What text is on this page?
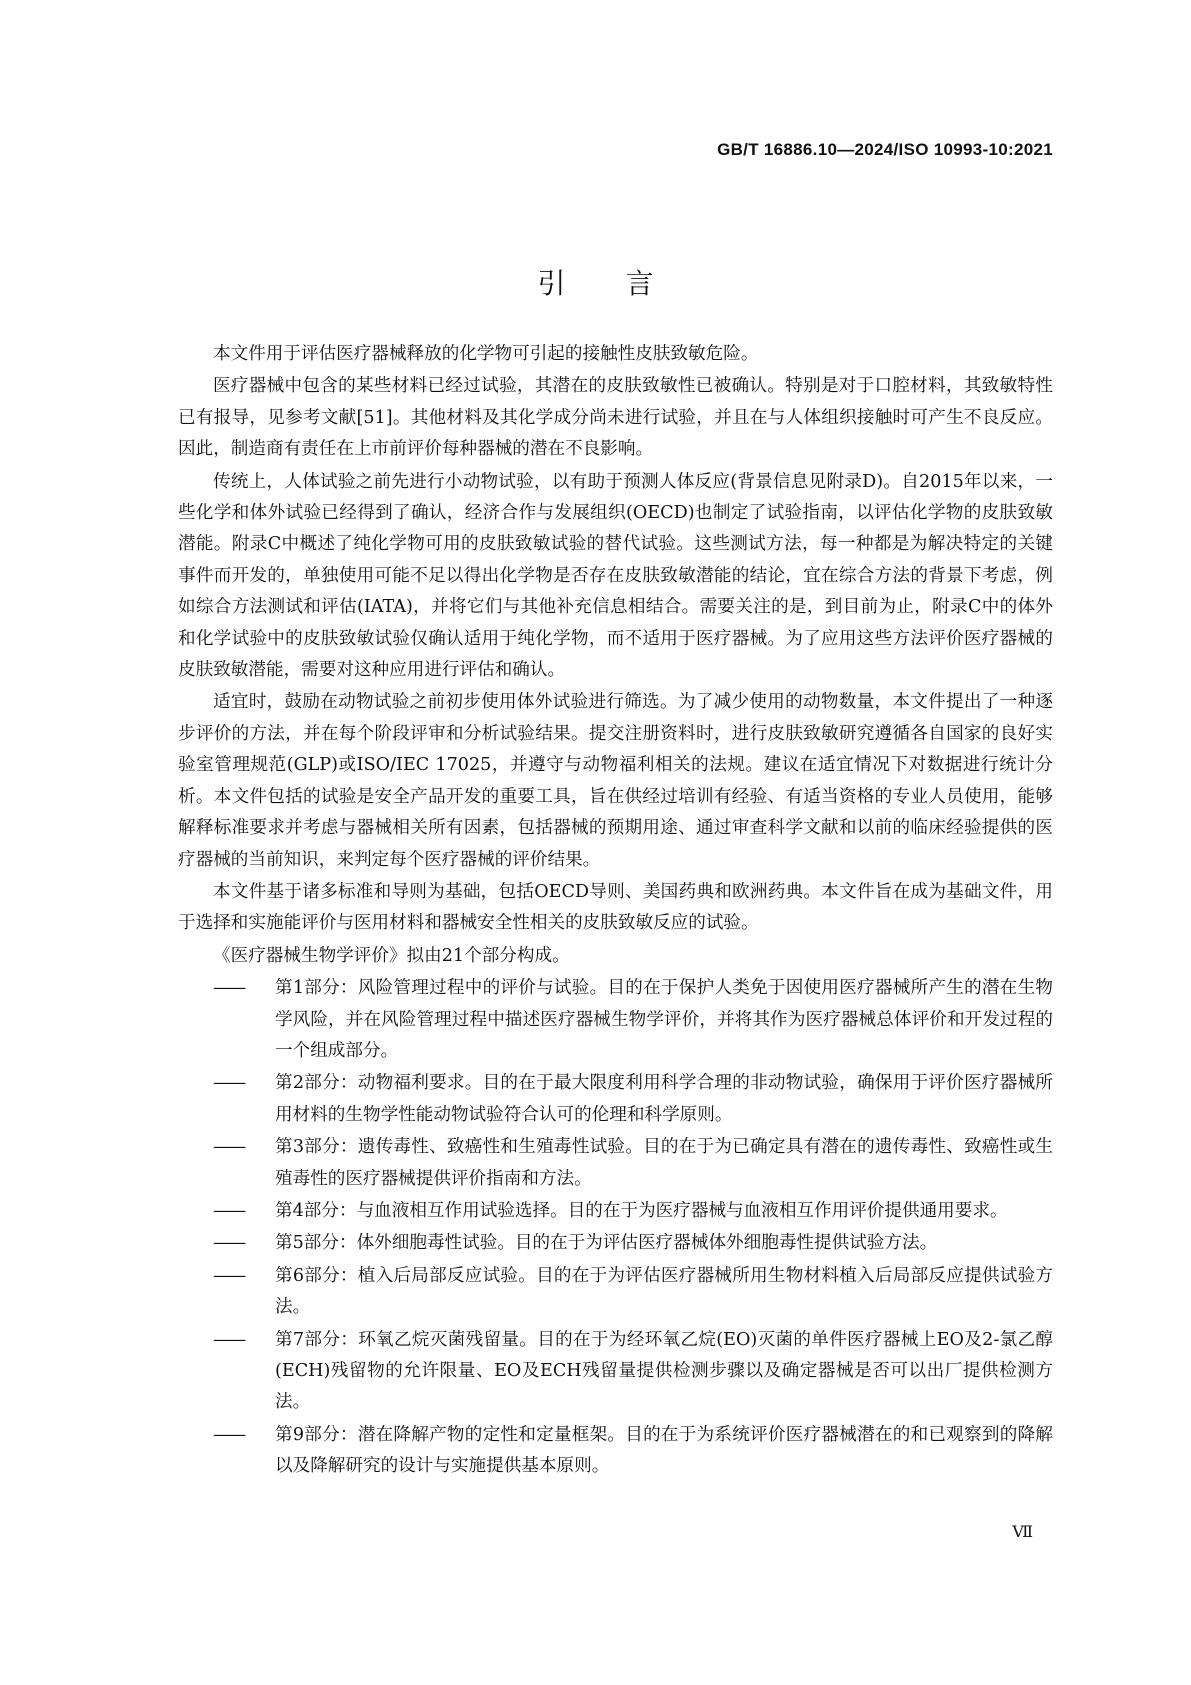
GB/T 16886.10—2024/ISO 10993-10:2021
引言

本文件用于评估医疗器械释放的化学物可引起的接触性皮肤致敏危险。

医疗器械中包含的某些材料已经过试验，其潜在的皮肤致敏性已被确认。特别是对于口腔材料，其致敏特性已有报导，见参考文献[51]。其他材料及其化学成分尚未进行试验，并且在与人体组织接触时可产生不良反应。因此，制造商有责任在上市前评价每种器械的潜在不良影响。

传统上，人体试验之前先进行小动物试验，以有助于预测人体反应(背景信息见附录D)。自2015年以来，一些化学和体外试验已经得到了确认，经济合作与发展组织(OECD)也制定了试验指南，以评估化学物的皮肤致敏潜能。附录C中概述了纯化学物可用的皮肤致敏试验的替代试验。这些测试方法，每一种都是为解决特定的关键事件而开发的，单独使用可能不足以得出化学物是否存在皮肤致敏潜能的结论，宜在综合方法的背景下考虑，例如综合方法测试和评估(IATA)，并将它们与其他补充信息相结合。需要关注的是，到目前为止，附录C中的体外和化学试验中的皮肤致敏试验仅确认适用于纯化学物，而不适用于医疗器械。为了应用这些方法评价医疗器械的皮肤致敏潜能，需要对这种应用进行评估和确认。

适宜时，鼓励在动物试验之前初步使用体外试验进行筛选。为了减少使用的动物数量，本文件提出了一种逐步评价的方法，并在每个阶段评审和分析试验结果。提交注册资料时，进行皮肤致敏研究遵循各自国家的良好实验室管理规范(GLP)或ISO/IEC 17025，并遵守与动物福利相关的法规。建议在适宜情况下对数据进行统计分析。本文件包括的试验是安全产品开发的重要工具，旨在供经过培训有经验、有适当资格的专业人员使用，能够解释标准要求并考虑与器械相关所有因素，包括器械的预期用途、通过审查科学文献和以前的临床经验提供的医疗器械的当前知识，来判定每个医疗器械的评价结果。

本文件基于诸多标准和导则为基础，包括OECD导则、美国药典和欧洲药典。本文件旨在成为基础文件，用于选择和实施能评价与医用材料和器械安全性相关的皮肤致敏反应的试验。

《医疗器械生物学评价》拟由21个部分构成。

——	第1部分：风险管理过程中的评价与试验。目的在于保护人类免于因使用医疗器械所产生的潜在生物学风险，并在风险管理过程中描述医疗器械生物学评价，并将其作为医疗器械总体评价和开发过程的一个组成部分。
——	第2部分：动物福利要求。目的在于最大限度利用科学合理的非动物试验，确保用于评价医疗器械所用材料的生物学性能动物试验符合认可的伦理和科学原则。
——	第3部分：遗传毒性、致癌性和生殖毒性试验。目的在于为已确定具有潜在的遗传毒性、致癌性或生殖毒性的医疗器械提供评价指南和方法。
——	第4部分：与血液相互作用试验选择。目的在于为医疗器械与血液相互作用评价提供通用要求。
——	第5部分：体外细胞毒性试验。目的在于为评估医疗器械体外细胞毒性提供试验方法。
——	第6部分：植入后局部反应试验。目的在于为评估医疗器械所用生物材料植入后局部反应提供试验方法。
——	第7部分：环氧乙烷灭菌残留量。目的在于为经环氧乙烷(EO)灭菌的单件医疗器械上EO及2-氯乙醇(ECH)残留物的允许限量、EO及ECH残留量提供检测步骤以及确定器械是否可以出厂提供检测方法。
——	第9部分：潜在降解产物的定性和定量框架。目的在于为系统评价医疗器械潜在的和已观察到的降解以及降解研究的设计与实施提供基本原则。
Ⅶ
